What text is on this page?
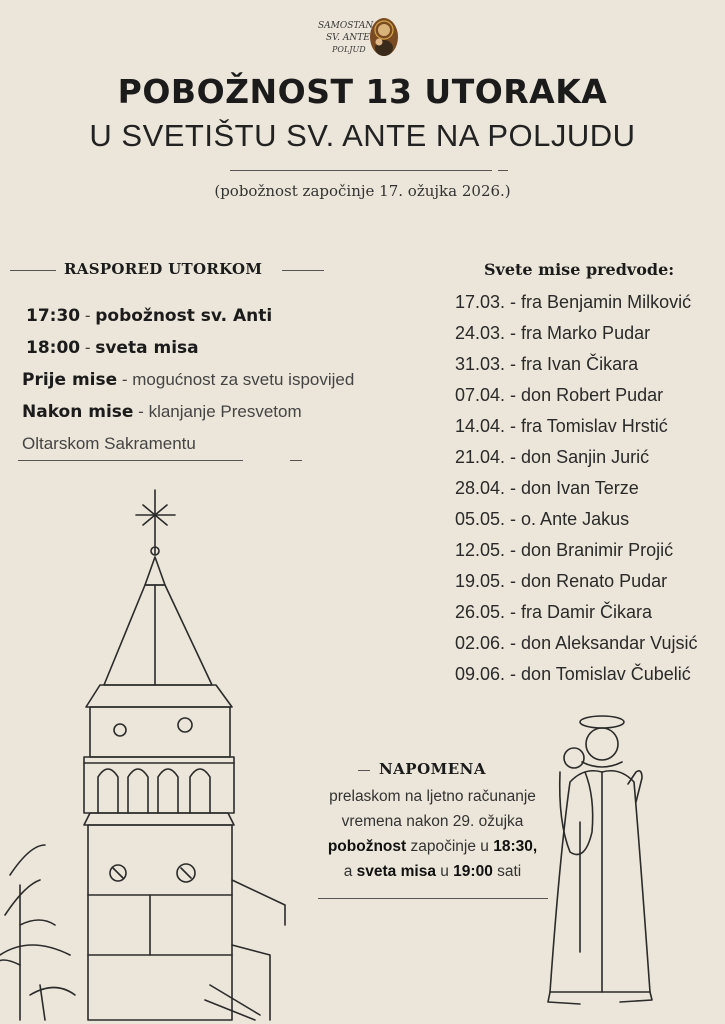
SAMOSTAN
SV. ANTE
POLJUD
POBOŽNOST 13 UTORAKA
U SVETIŠTU SV. ANTE NA POLJUDU
(pobožnost započinje 17. ožujka 2026.)
RASPORED UTORKOM
17:30 - pobožnost sv. Anti
18:00 - sveta misa
Prije mise - mogućnost za svetu ispovijed
Nakon mise - klanjanje Presvetom
Oltarskom Sakramentu
Svete mise predvode:
17.03. - fra Benjamin Milković
24.03. - fra Marko Pudar
31.03. - fra Ivan Čikara
07.04. - don Robert Pudar
14.04. - fra Tomislav Hrstić
21.04. - don Sanjin Jurić
28.04. - don Ivan Terze
05.05. - o. Ante Jakus
12.05. - don Branimir Projić
19.05. - don Renato Pudar
26.05. - fra Damir Čikara
02.06. - don Aleksandar Vujsić
09.06. - don Tomislav Čubelić
NAPOMENA
prelaskom na ljetno računanje
vremena nakon 29. ožujka
pobožnost započinje u 18:30,
a sveta misa u 19:00 sati
